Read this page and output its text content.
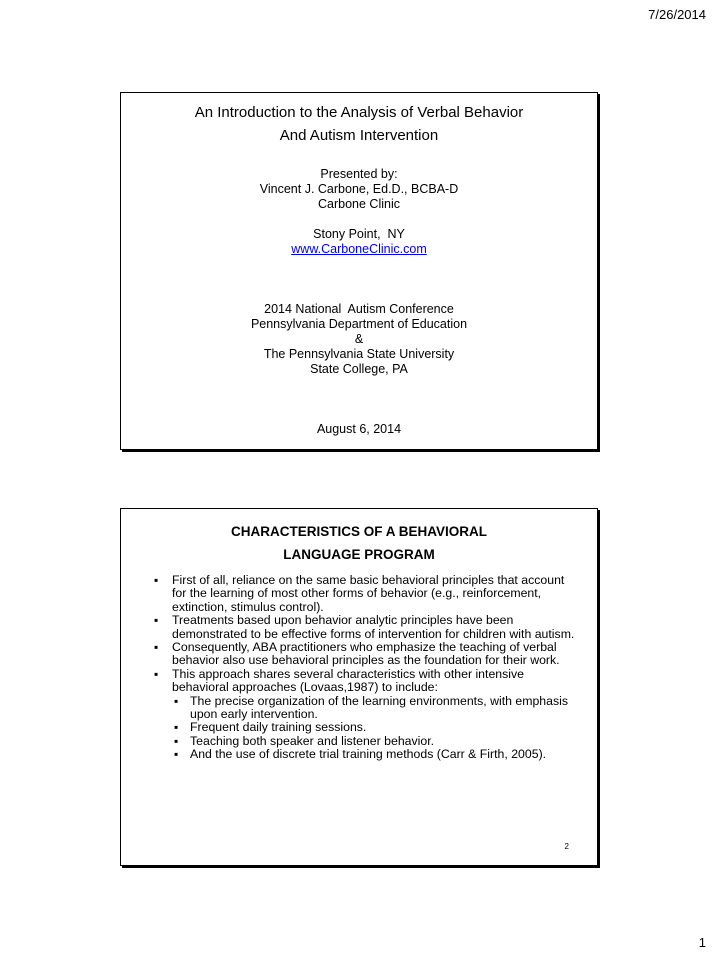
7/26/2014
An Introduction to the Analysis of Verbal Behavior
And Autism Intervention
Presented by:
Vincent J. Carbone, Ed.D., BCBA-D
Carbone Clinic
Stony Point,  NY
www.CarboneClinic.com
2014 National  Autism Conference
Pennsylvania Department of Education
&
The Pennsylvania State University
State College, PA
August 6, 2014
CHARACTERISTICS OF A BEHAVIORAL
LANGUAGE PROGRAM
▪ First of all, reliance on the same basic behavioral principles that account for the learning of most other forms of behavior (e.g., reinforcement, extinction, stimulus control).
▪ Treatments based upon behavior analytic principles have been demonstrated to be effective forms of intervention for children with autism.
▪ Consequently, ABA practitioners who emphasize the teaching of verbal behavior also use behavioral principles as the foundation for their work.
▪ This approach shares several characteristics with other intensive behavioral approaches (Lovaas,1987) to include:
▪ The precise organization of the learning environments, with emphasis upon early intervention.
▪ Frequent daily training sessions.
▪ Teaching both speaker and listener behavior.
▪ And the use of discrete trial training methods (Carr & Firth, 2005).
2
1
